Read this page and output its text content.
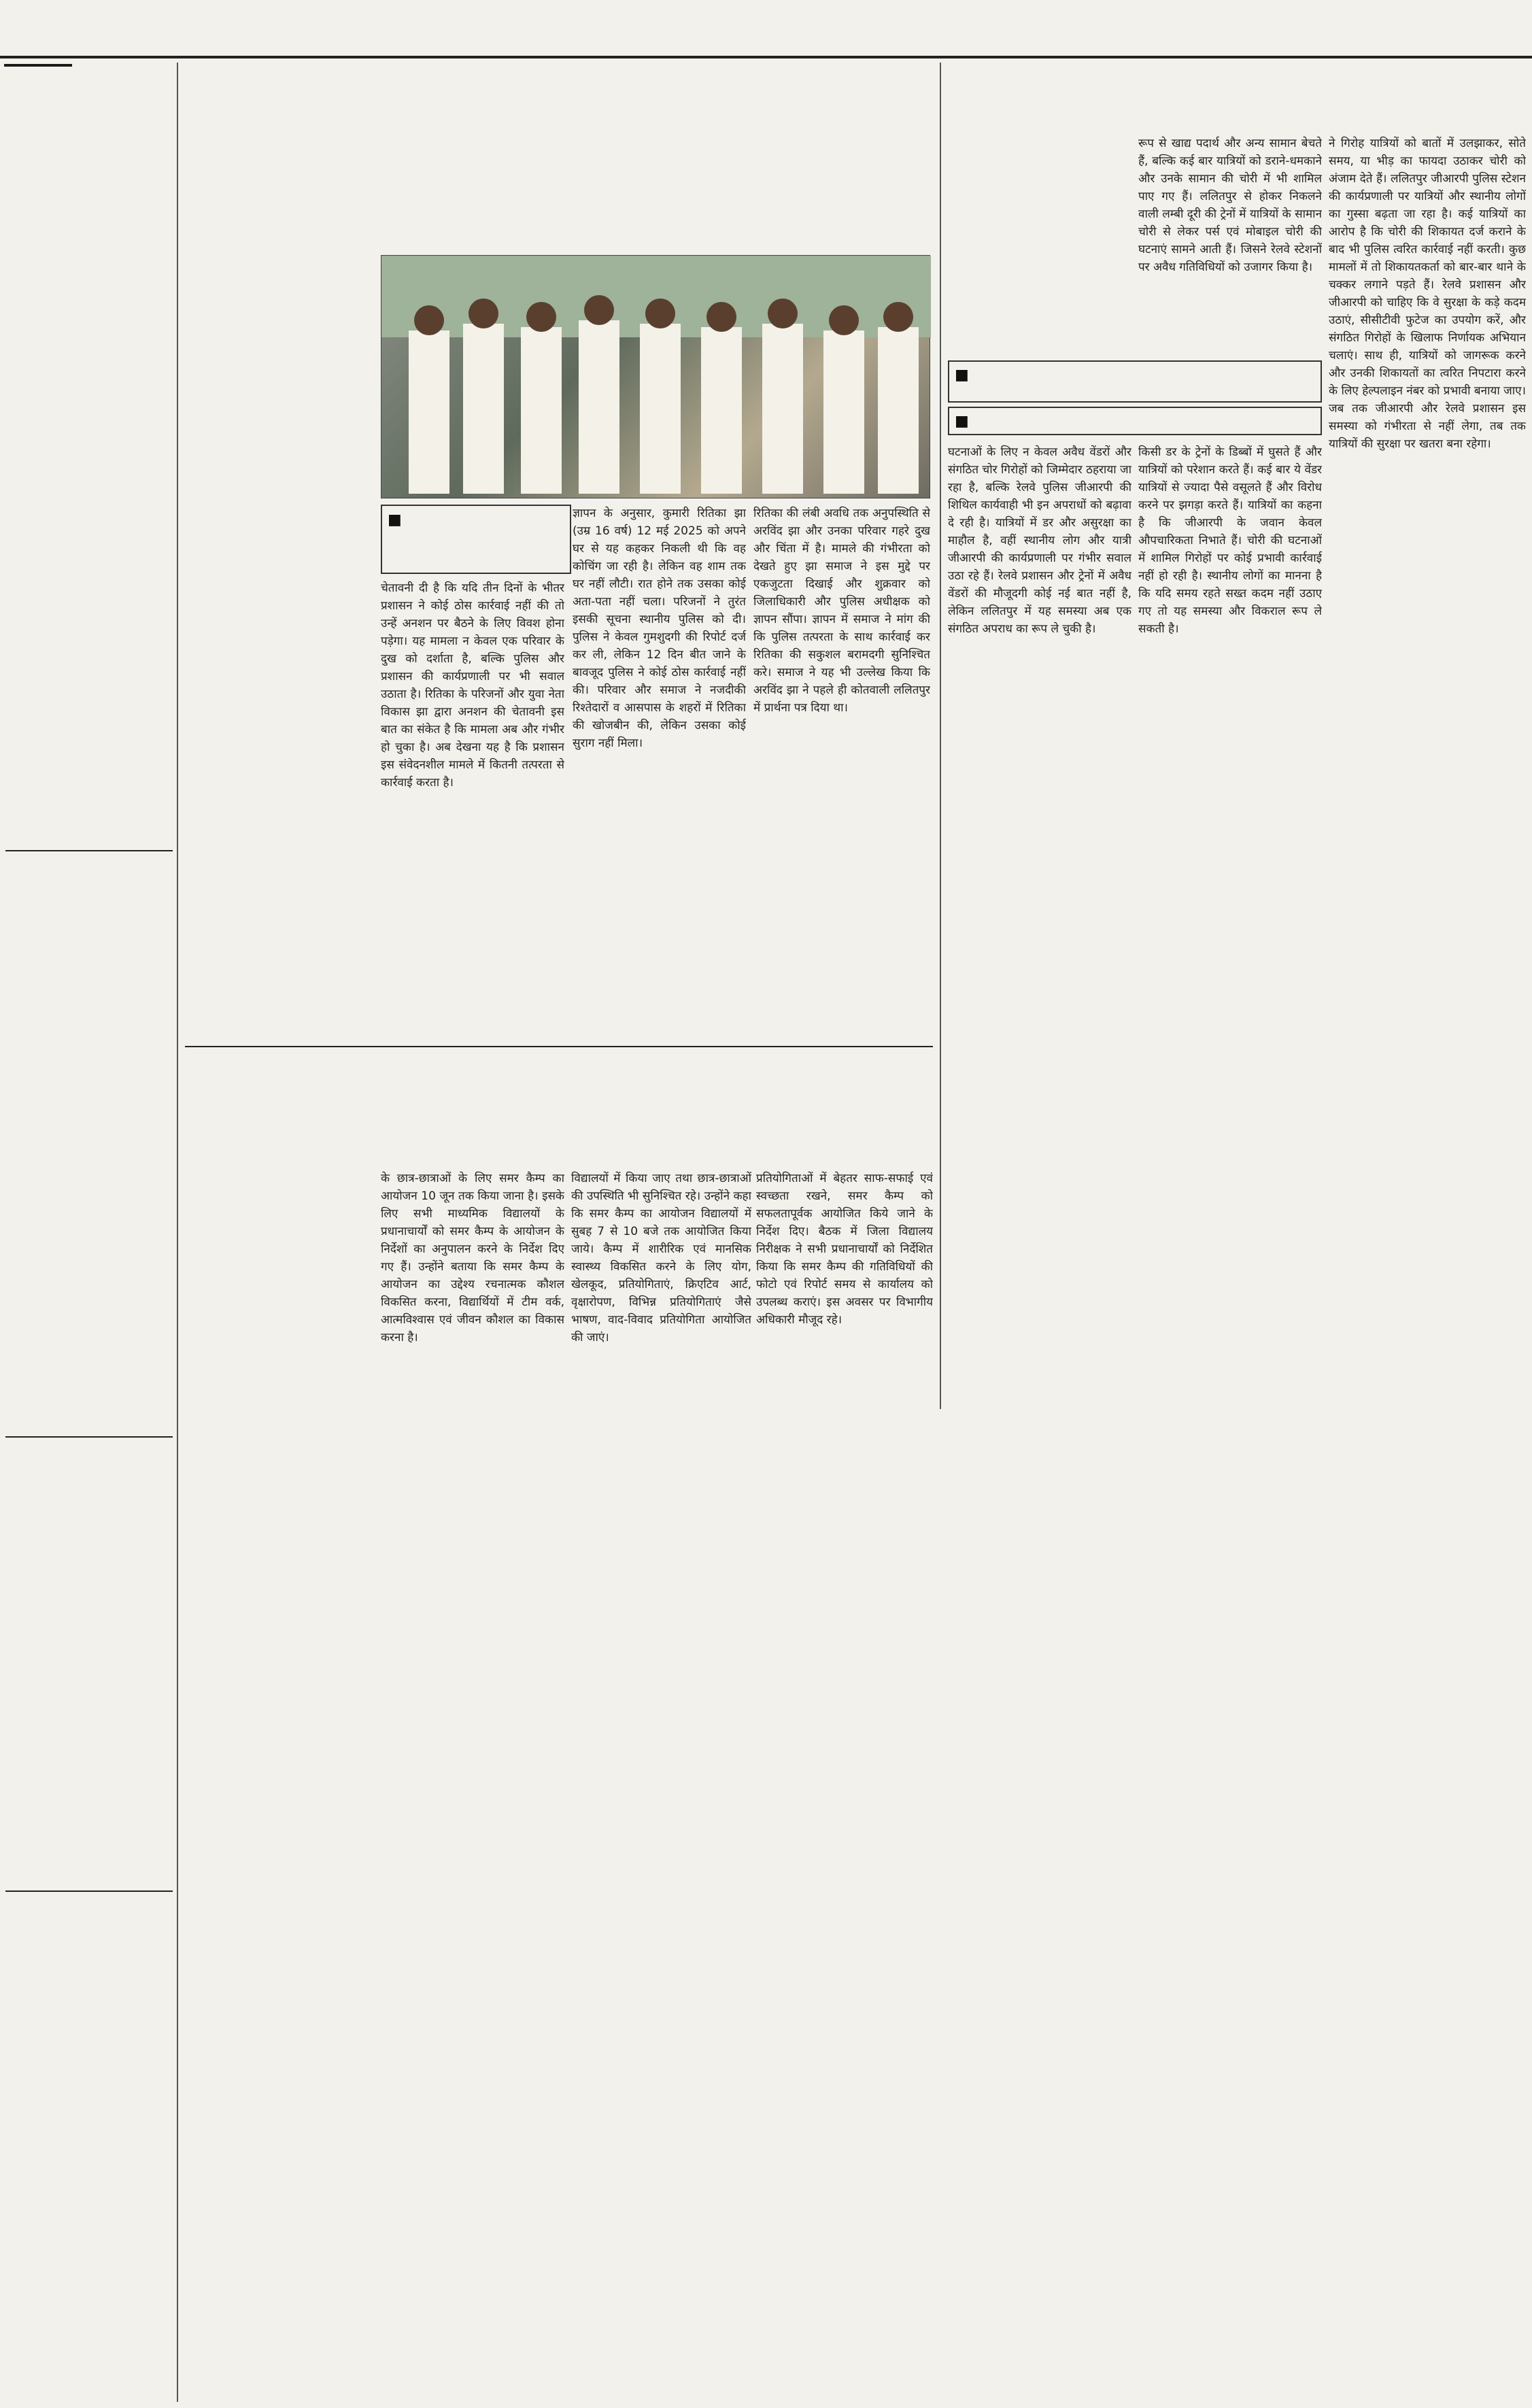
■
चेतावनी दी है कि यदि तीन दिनों के भीतर प्रशासन ने कोई ठोस कार्रवाई नहीं की तो उन्हें अनशन पर बैठने के लिए विवश होना पड़ेगा। यह मामला न केवल एक परिवार के दुख को दर्शाता है, बल्कि पुलिस और प्रशासन की कार्यप्रणाली पर भी सवाल उठाता है। रितिका के परिजनों और युवा नेता विकास झा द्वारा अनशन की चेतावनी इस बात का संकेत है कि मामला अब और गंभीर हो चुका है। अब देखना यह है कि प्रशासन इस संवेदनशील मामले में कितनी तत्परता से कार्रवाई करता है।
ज्ञापन के अनुसार, कुमारी रितिका झा (उम्र 16 वर्ष) 12 मई 2025 को अपने घर से यह कहकर निकली थी कि वह कोचिंग जा रही है। लेकिन वह शाम तक घर नहीं लौटी। रात होने तक उसका कोई अता-पता नहीं चला। परिजनों ने तुरंत इसकी सूचना स्थानीय पुलिस को दी। पुलिस ने केवल गुमशुदगी की रिपोर्ट दर्ज कर ली, लेकिन 12 दिन बीत जाने के बावजूद पुलिस ने कोई ठोस कार्रवाई नहीं की। परिवार और समाज ने नजदीकी रिश्तेदारों व आसपास के शहरों में रितिका की खोजबीन की, लेकिन उसका कोई सुराग नहीं मिला।
रितिका की लंबी अवधि तक अनुपस्थिति से अरविंद झा और उनका परिवार गहरे दुख और चिंता में है। मामले की गंभीरता को देखते हुए झा समाज ने इस मुद्दे पर एकजुटता दिखाई और शुक्रवार को जिलाधिकारी और पुलिस अधीक्षक को ज्ञापन सौंपा। ज्ञापन में समाज ने मांग की कि पुलिस तत्परता के साथ कार्रवाई कर रितिका की सकुशल बरामदगी सुनिश्चित करे। समाज ने यह भी उल्लेख किया कि अरविंद झा ने पहले ही कोतवाली ललितपुर में प्रार्थना पत्र दिया था।
रूप से खाद्य पदार्थ और अन्य सामान बेचते हैं, बल्कि कई बार यात्रियों को डराने-धमकाने और उनके सामान की चोरी में भी शामिल पाए गए हैं। ललितपुर से होकर निकलने वाली लम्बी दूरी की ट्रेनों में यात्रियों के सामान चोरी से लेकर पर्स एवं मोबाइल चोरी की घटनाएं सामने आती हैं। जिसने रेलवे स्टेशनों पर अवैध गतिविधियों को उजागर किया है।
ने गिरोह यात्रियों को बातों में उलझाकर, सोते समय, या भीड़ का फायदा उठाकर चोरी को अंजाम देते हैं। ललितपुर जीआरपी पुलिस स्टेशन की कार्यप्रणाली पर यात्रियों और स्थानीय लोगों का गुस्सा बढ़ता जा रहा है। कई यात्रियों का आरोप है कि चोरी की शिकायत दर्ज कराने के बाद भी पुलिस त्वरित कार्रवाई नहीं करती। कुछ मामलों में तो शिकायतकर्ता को बार-बार थाने के चक्कर लगाने पड़ते हैं। रेलवे प्रशासन और जीआरपी को चाहिए कि वे सुरक्षा के कड़े कदम उठाएं, सीसीटीवी फुटेज का उपयोग करें, और संगठित गिरोहों के खिलाफ निर्णायक अभियान चलाएं। साथ ही, यात्रियों को जागरूक करने और उनकी शिकायतों का त्वरित निपटारा करने के लिए हेल्पलाइन नंबर को प्रभावी बनाया जाए। जब तक जीआरपी और रेलवे प्रशासन इस समस्या को गंभीरता से नहीं लेगा, तब तक यात्रियों की सुरक्षा पर खतरा बना रहेगा।
■
■
घटनाओं के लिए न केवल अवैध वेंडरों और संगठित चोर गिरोहों को जिम्मेदार ठहराया जा रहा है, बल्कि रेलवे पुलिस जीआरपी की शिथिल कार्यवाही भी इन अपराधों को बढ़ावा दे रही है। यात्रियों में डर और असुरक्षा का माहौल है, वहीं स्थानीय लोग और यात्री जीआरपी की कार्यप्रणाली पर गंभीर सवाल उठा रहे हैं। रेलवे प्रशासन और ट्रेनों में अवैध वेंडरों की मौजूदगी कोई नई बात नहीं है, लेकिन ललितपुर में यह समस्या अब एक संगठित अपराध का रूप ले चुकी है।
किसी डर के ट्रेनों के डिब्बों में घुसते हैं और यात्रियों को परेशान करते हैं। कई बार ये वेंडर यात्रियों से ज्यादा पैसे वसूलते हैं और विरोध करने पर झगड़ा करते हैं। यात्रियों का कहना है कि जीआरपी के जवान केवल औपचारिकता निभाते हैं। चोरी की घटनाओं में शामिल गिरोहों पर कोई प्रभावी कार्रवाई नहीं हो रही है। स्थानीय लोगों का मानना है कि यदि समय रहते सख्त कदम नहीं उठाए गए तो यह समस्या और विकराल रूप ले सकती है।
के छात्र-छात्राओं के लिए समर कैम्प का आयोजन 10 जून तक किया जाना है। इसके लिए सभी माध्यमिक विद्यालयों के प्रधानाचार्यों को समर कैम्प के आयोजन के निर्देशों का अनुपालन करने के निर्देश दिए गए हैं। उन्होंने बताया कि समर कैम्प के आयोजन का उद्देश्य रचनात्मक कौशल विकसित करना, विद्यार्थियों में टीम वर्क, आत्मविश्वास एवं जीवन कौशल का विकास करना है।
विद्यालयों में किया जाए तथा छात्र-छात्राओं की उपस्थिति भी सुनिश्चित रहे। उन्होंने कहा कि समर कैम्प का आयोजन विद्यालयों में सुबह 7 से 10 बजे तक आयोजित किया जाये। कैम्प में शारीरिक एवं मानसिक स्वास्थ्य विकसित करने के लिए योग, खेलकूद, प्रतियोगिताएं, क्रिएटिव आर्ट, वृक्षारोपण, विभिन्न प्रतियोगिताएं जैसे भाषण, वाद-विवाद प्रतियोगिता आयोजित की जाएं।
प्रतियोगिताओं में बेहतर साफ-सफाई एवं स्वच्छता रखने, समर कैम्प को सफलतापूर्वक आयोजित किये जाने के निर्देश दिए। बैठक में जिला विद्यालय निरीक्षक ने सभी प्रधानाचार्यों को निर्देशित किया कि समर कैम्प की गतिविधियों की फोटो एवं रिपोर्ट समय से कार्यालय को उपलब्ध कराएं। इस अवसर पर विभागीय अधिकारी मौजूद रहे।
